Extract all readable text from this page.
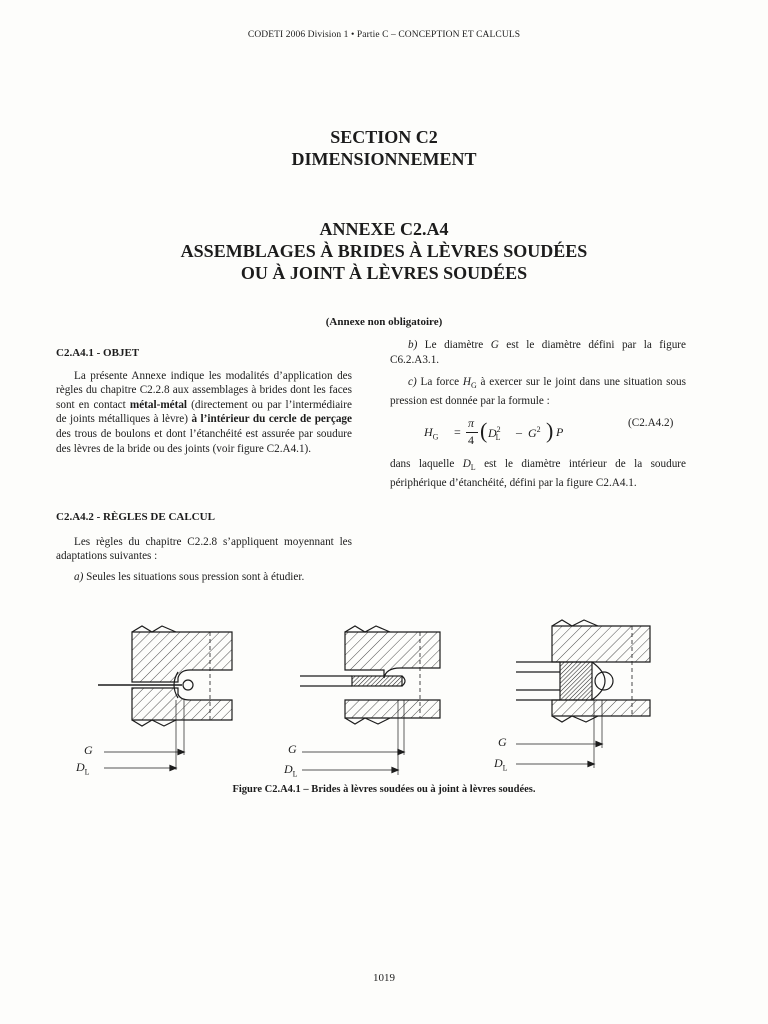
CODETI 2006 Division 1 • Partie C – CONCEPTION ET CALCULS
SECTION C2
DIMENSIONNEMENT
ANNEXE C2.A4
ASSEMBLAGES À BRIDES À LÈVRES SOUDÉES
OU À JOINT À LÈVRES SOUDÉES
(Annexe non obligatoire)

C2.A4.1 - OBJET

La présente Annexe indique les modalités d’application des règles du chapitre C2.2.8 aux assemblages à brides dont les faces sont en contact métal-métal (directement ou par l’intermédiaire de joints métalliques à lèvre) à l’intérieur du cercle de perçage des trous de boulons et dont l’étanchéité est assurée par soudure des lèvres de la bride ou des joints (voir figure C2.A4.1).

C2.A4.2 - RÈGLES DE CALCUL

Les règles du chapitre C2.2.8 s’appliquent moyennant les adaptations suivantes :

a) Seules les situations sous pression sont à étudier.

b) Le diamètre G est le diamètre défini par la figure C6.2.A3.1.

c) La force $H_G$ à exercer sur le joint dans une situation sous pression est donnée par la formule :

$H_G$ =
π
4 ( $D^2_L - G^2$ ) P
(C2.A4.2)

dans laquelle $D_L$ est le diamètre intérieur de la soudure périphérique d’étanchéité, défini par la figure C2.A4.1.

G
$D_L$
G
$D_L$
G
$D_L$
Figure C2.A4.1 – Brides à lèvres soudées ou à joint à lèvres soudées.
1019
